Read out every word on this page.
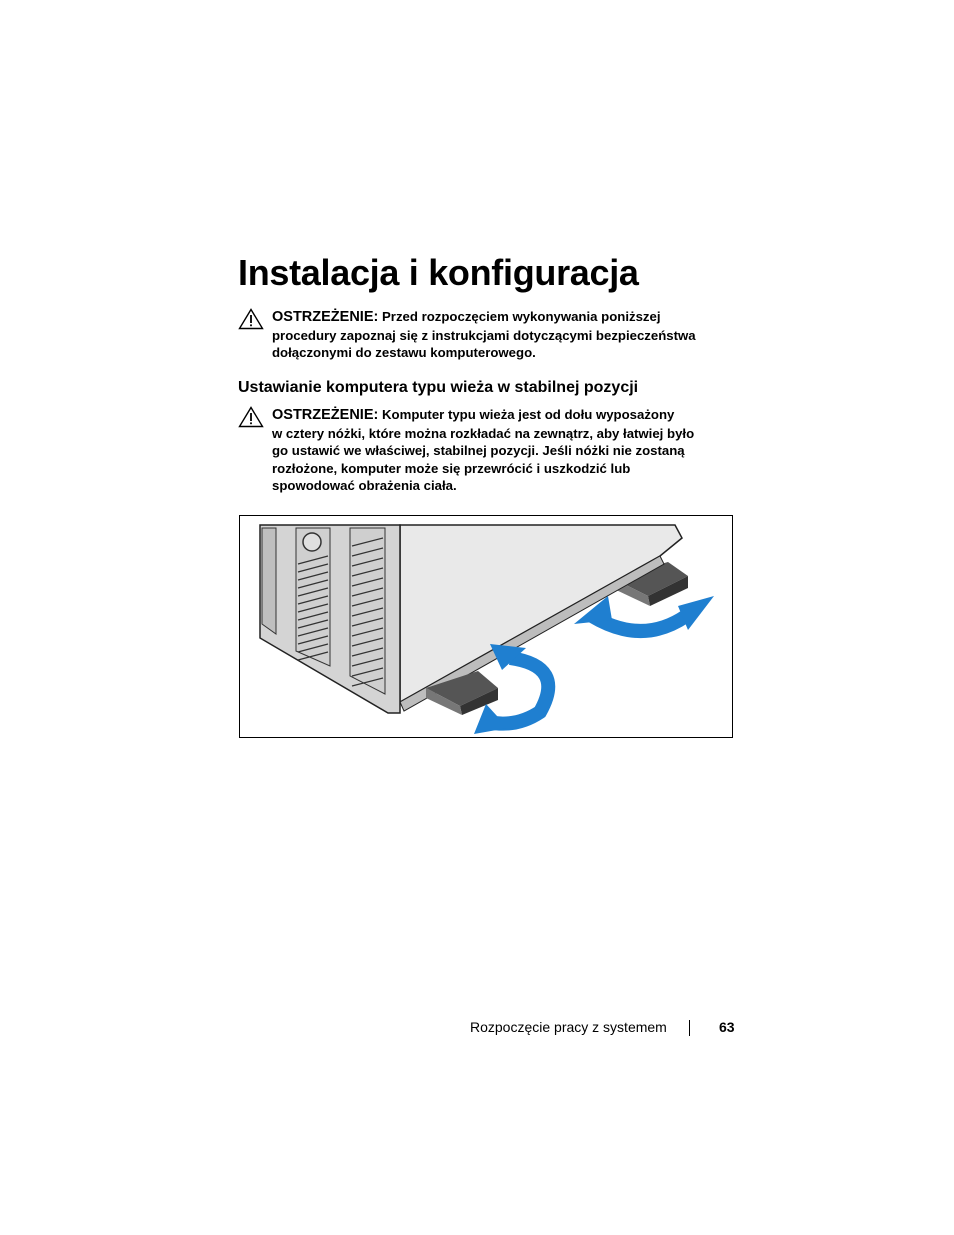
Instalacja i konfiguracja

OSTRZEŻENIE: Przed rozpoczęciem wykonywania poniższej
procedury zapoznaj się z instrukcjami dotyczącymi bezpieczeństwa
dołączonymi do zestawu komputerowego.

Ustawianie komputera typu wieża w stabilnej pozycji

OSTRZEŻENIE: Komputer typu wieża jest od dołu wyposażony
w cztery nóżki, które można rozkładać na zewnątrz, aby łatwiej było
go ustawić we właściwej, stabilnej pozycji. Jeśli nóżki nie zostaną
rozłożone, komputer może się przewrócić i uszkodzić lub
spowodować obrażenia ciała.

Rozpoczęcie pracy z systemem	63
